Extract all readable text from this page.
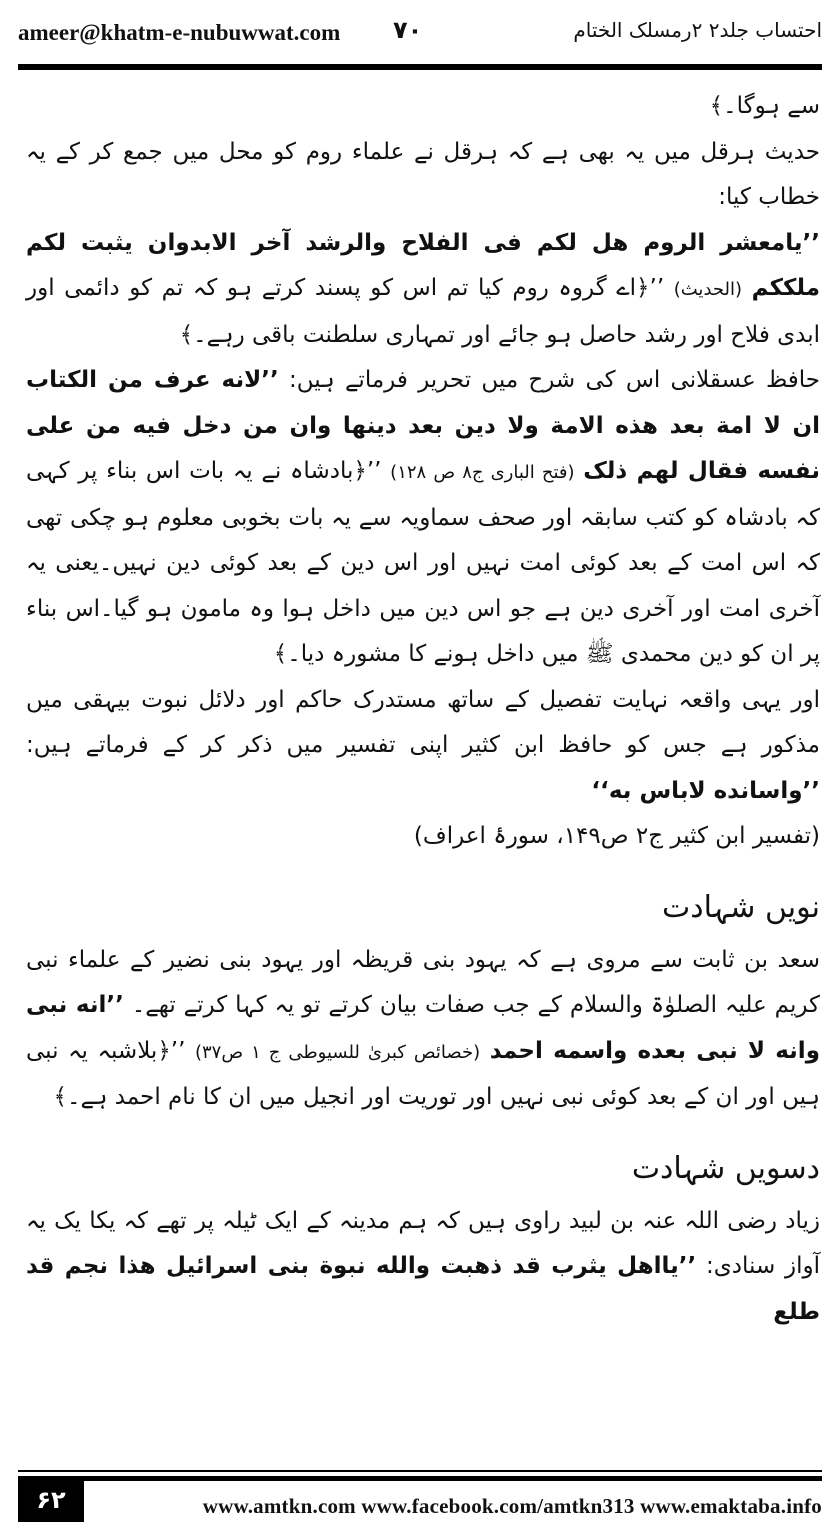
ameer@khatm-e-nubuwwat.com ۷۰	احتساب جلد۲ ۲رمسلک الختام

سے ہوگا۔﴾

حدیث ہرقل میں یہ بھی ہے کہ ہرقل نے علماء روم کو محل میں جمع کر کے یہ خطاب کیا:

’’یامعشر الروم هل لکم فی الفلاح والرشد آخر الابدوان یثبت لکم ملککم (الحدیث) ’’﴿اے گروہ روم کیا تم اس کو پسند کرتے ہو کہ تم کو دائمی اور ابدی فلاح اور رشد حاصل ہو جائے اور تمہاری سلطنت باقی رہے۔﴾

حافظ عسقلانی اس کی شرح میں تحریر فرماتے ہیں: ’’لانه عرف من الکتاب ان لا امة بعد هذه الامة ولا دین بعد دینها وان من دخل فیه من علی نفسه فقال لهم ذلک (فتح الباری ج۸ ص ۱۲۸) ’’﴿بادشاہ نے یہ بات اس بناء پر کہی کہ بادشاہ کو کتب سابقہ اور صحف سماویہ سے یہ بات بخوبی معلوم ہو چکی تھی کہ اس امت کے بعد کوئی امت نہیں اور اس دین کے بعد کوئی دین نہیں۔یعنی یہ آخری امت اور آخری دین ہے جو اس دین میں داخل ہوا وہ مامون ہو گیا۔اس بناء پر ان کو دین محمدی ﷺ میں داخل ہونے کا مشورہ دیا۔﴾

اور یہی واقعہ نہایت تفصیل کے ساتھ مستدرک حاکم اور دلائل نبوت بیہقی میں مذکور ہے جس کو حافظ ابن کثیر اپنی تفسیر میں ذکر کر کے فرماتے ہیں: ’’واسانده لاباس به‘‘

(تفسیر ابن کثیر ج۲ ص۱۴۹، سورۂ اعراف)

نویں شہادت

سعد بن ثابت سے مروی ہے کہ یہود بنی قریظہ اور یہود بنی نضیر کے علماء نبی کریم علیہ الصلوٰۃ والسلام کے جب صفات بیان کرتے تو یہ کہا کرتے تھے۔ ’’انه نبی وانه لا نبی بعده واسمه احمد (خصائص کبریٰ للسیوطی ج ۱ ص۳۷) ’’﴿بلاشبہ یہ نبی ہیں اور ان کے بعد کوئی نبی نہیں اور توریت اور انجیل میں ان کا نام احمد ہے۔﴾

دسویں شہادت

زیاد رضی اللہ عنہ بن لبید راوی ہیں کہ ہم مدینہ کے ایک ٹیلہ پر تھے کہ یکا یک یہ آواز سنادی: ’’یااهل یثرب قد ذهبت والله نبوة بنی اسرائیل هذا نجم قد طلع

۶۲	www.amtkn.com www.facebook.com/amtkn313 www.emaktaba.info
